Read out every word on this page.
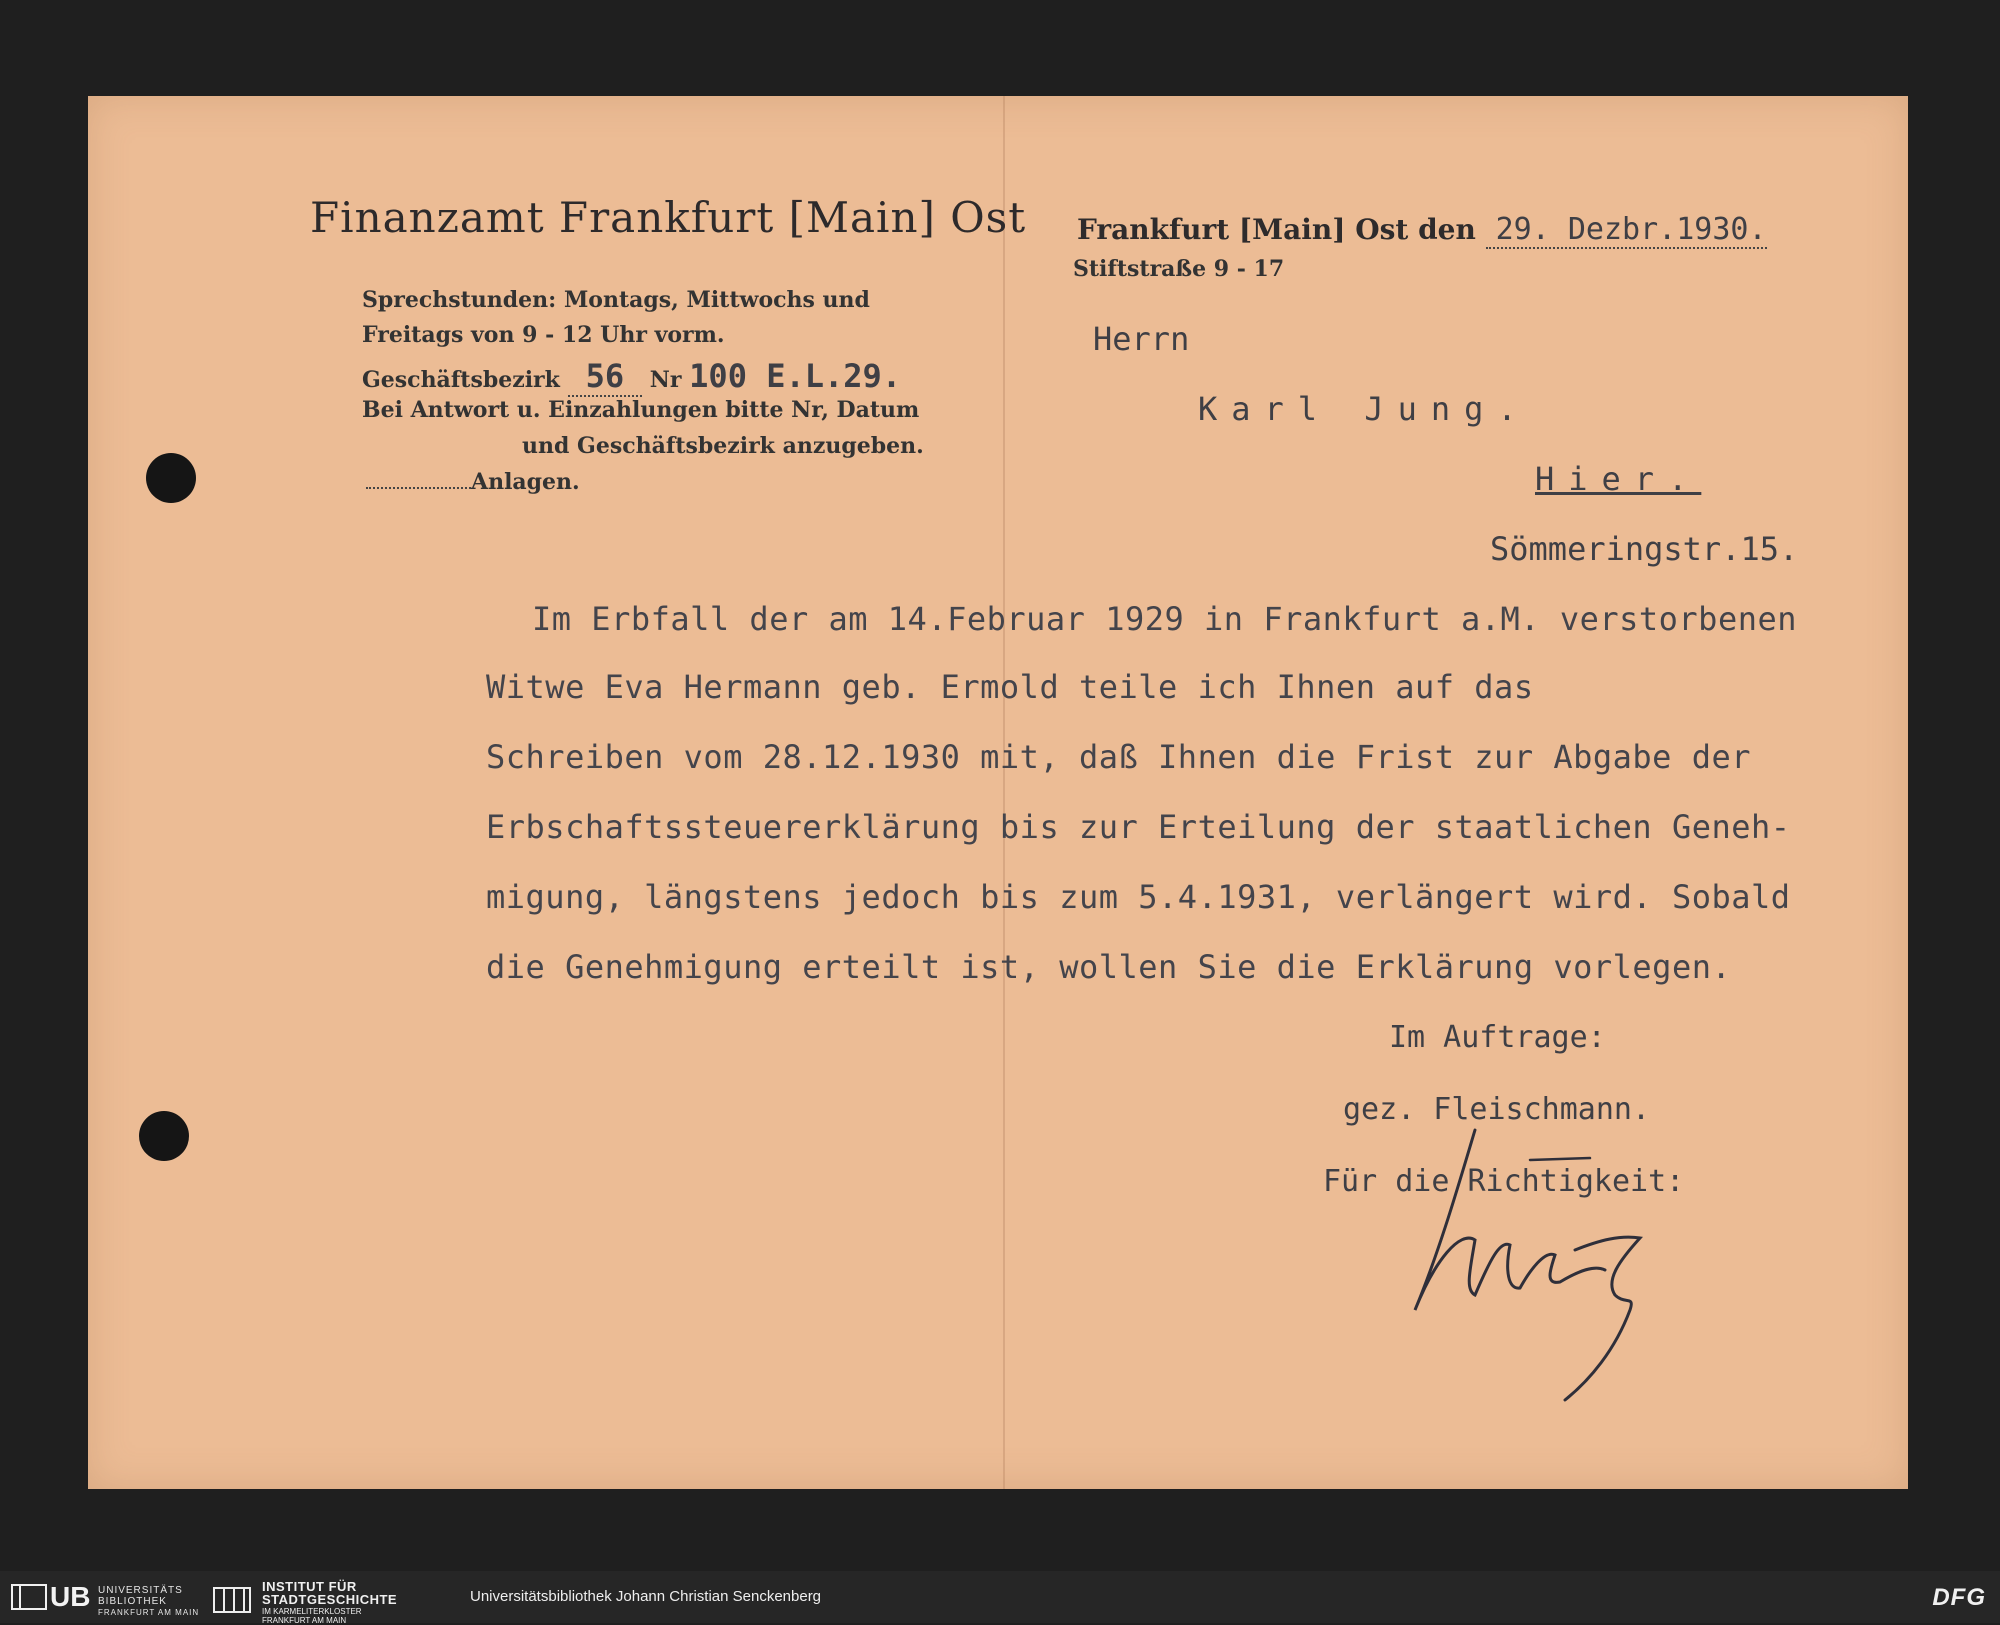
Finanzamt Frankfurt [Main] Ost
Sprechstunden: Montags, Mittwochs und
Freitags von 9 - 12 Uhr vorm.
Geschäftsbezirk 56 Nr 100 E.L.29.
Bei Antwort u. Einzahlungen bitte Nr, Datum
und Geschäftsbezirk anzugeben.
Anlagen.
Frankfurt [Main] Ost den 29. Dezbr.1930.
Stiftstraße 9 - 17
Herrn
Karl Jung.
Hier.
Sömmeringstr.15.
Im Erbfall der am 14.Februar 1929 in Frankfurt a.M. verstorbenen
Witwe Eva Hermann geb. Ermold teile ich Ihnen auf das
Schreiben vom 28.12.1930 mit, daß Ihnen die Frist zur Abgabe der
Erbschaftssteuererklärung bis zur Erteilung der staatlichen Geneh-
migung, längstens jedoch bis zum 5.4.1931, verlängert wird. Sobald
die Genehmigung erteilt ist, wollen Sie die Erklärung vorlegen.
Im Auftrage:
gez. Fleischmann.
Für die Richtigkeit:
UB UNIVERSITÄTS
BIBLIOTHEK
FRANKFURT AM MAIN
INSTITUT FÜR
STADTGESCHICHTE
IM KARMELITERKLOSTER
FRANKFURT AM MAIN
Universitätsbibliothek Johann Christian Senckenberg	DFG
